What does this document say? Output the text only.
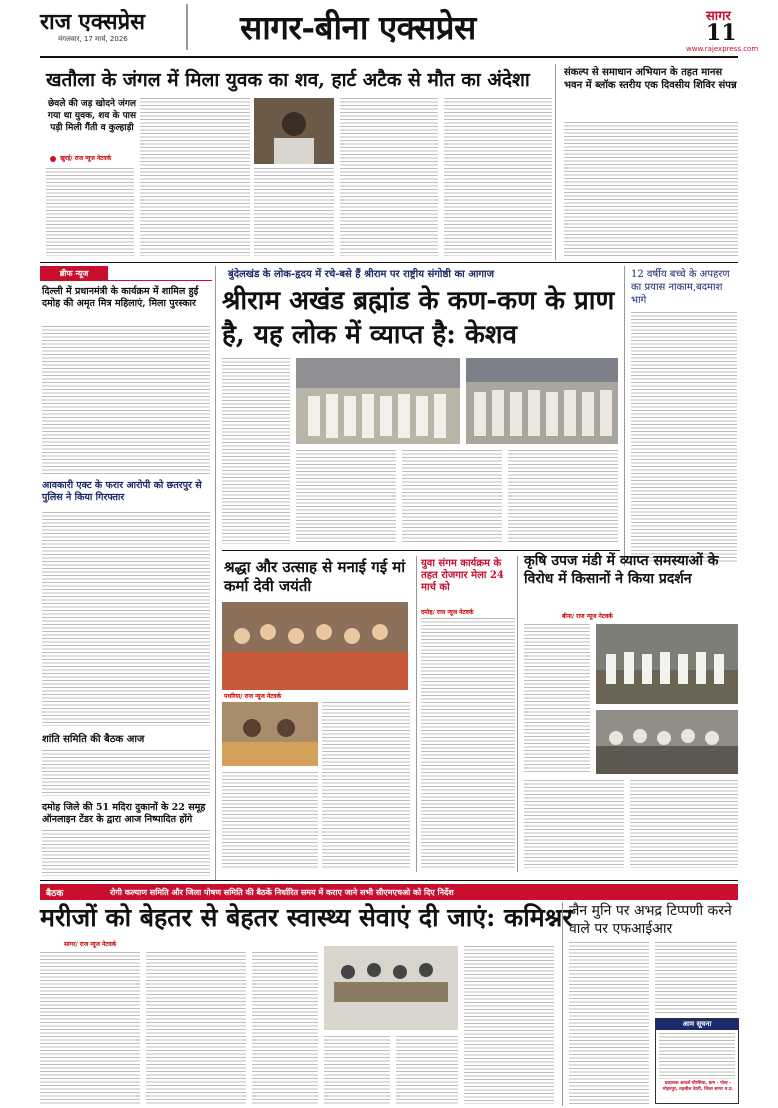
राज एक्सप्रेस
मंगलवार, 17 मार्च, 2026	सागर-बीना एक्सप्रेस	सागर
11
www.rajexpress.com
खतौला के जंगल में मिला युवक का शव, हार्ट अटैक से मौत का अंदेशा
छेवले की जड़ खोदने जंगल गया था युवक, शव के पास पड़ी मिली गैंती व कुल्हाड़ी
खुरई/ राज न्यूज नेटवर्क
संकल्प से समाधान अभियान के तहत मानस भवन में ब्लॉक स्तरीय एक दिवसीय शिविर संपन्न
ब्रीफ न्यूज
दिल्ली में प्रधानमंत्री के कार्यक्रम में शामिल हुई दमोह की अमृत मित्र महिलाएं, मिला पुरस्कार
आवकारी एक्ट के फरार आरोपी को छतरपुर से पुलिस ने किया गिरफ्तार
शांति समिति की बैठक आज
दमोह जिले की 51 मदिरा दुकानों के 22 समूह ऑनलाइन टेंडर के द्वारा आज निष्पादित होंगे
बुंदेलखंड के लोक-हृदय में रचे-बसे हैं श्रीराम पर राष्ट्रीय संगोष्ठी का आगाज
श्रीराम अखंड ब्रह्मांड के कण-कण के प्राण है, यह लोक में व्याप्त है: केशव
12 वर्षीय बच्चे के अपहरण का प्रयास नाकाम,बदमाश भागे
श्रद्धा और उत्साह से मनाई गई मां कर्मा देवी जयंती
पथरिया/ राज न्यूज नेटवर्क
युवा संगम कार्यक्रम के तहत रोजगार मेला 24 मार्च को
दमोह/ राज न्यूज नेटवर्क
कृषि उपज मंडी में व्याप्त समस्याओं के विरोध में किसानों ने किया प्रदर्शन
बीना/ राज न्यूज नेटवर्क
बैठक	रोगी कल्याण समिति और जिला पोषण समिति की बैठकें निर्धारित समय में कराए जाने सभी सीएमएचओ को दिए निर्देश
मरीजों को बेहतर से बेहतर स्वास्थ्य सेवाएं दी जाएं: कमिश्नर
सागर/ राज न्यूज नेटवर्क
जैन मुनि पर अभद्र टिप्पणी करने वाले पर एफआईआर
आम सूचना
प्रकाशक आदर्श चौरसिया, ग्राम - पोस्ट - मोहनपुर, तहसील देवरी, जिला सागर म.प्र.
